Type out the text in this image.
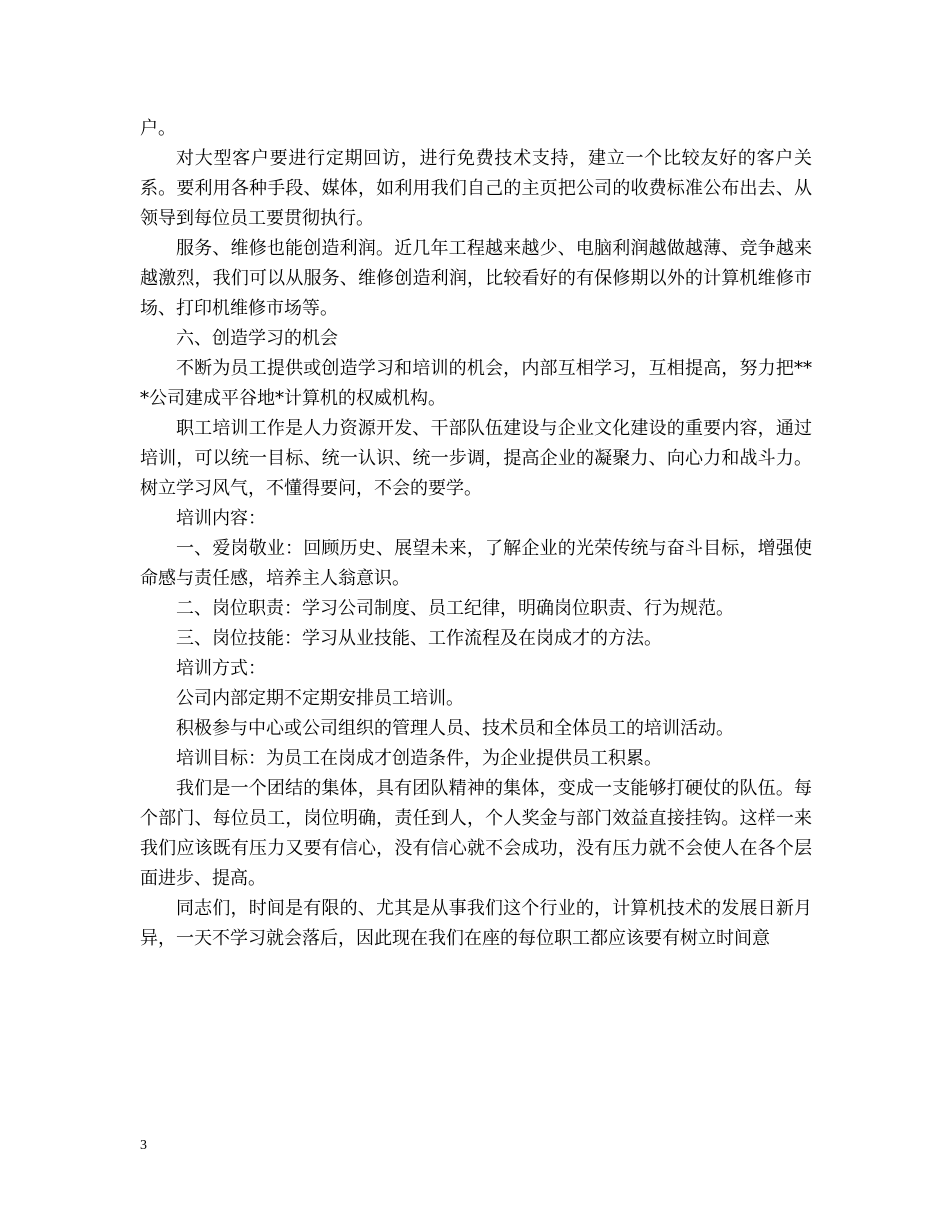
户。

对大型客户要进行定期回访，进行免费技术支持，建立一个比较友好的客户关系。要利用各种手段、媒体，如利用我们自己的主页把公司的收费标准公布出去、从领导到每位员工要贯彻执行。

服务、维修也能创造利润。近几年工程越来越少、电脑利润越做越薄、竞争越来越激烈，我们可以从服务、维修创造利润，比较看好的有保修期以外的计算机维修市场、打印机维修市场等。

六、创造学习的机会

不断为员工提供或创造学习和培训的机会，内部互相学习，互相提高，努力把***公司建成平谷地*计算机的权威机构。

职工培训工作是人力资源开发、干部队伍建设与企业文化建设的重要内容，通过培训，可以统一目标、统一认识、统一步调，提高企业的凝聚力、向心力和战斗力。树立学习风气，不懂得要问，不会的要学。

培训内容：

一、爱岗敬业：回顾历史、展望未来，了解企业的光荣传统与奋斗目标，增强使命感与责任感，培养主人翁意识。

二、岗位职责：学习公司制度、员工纪律，明确岗位职责、行为规范。

三、岗位技能：学习从业技能、工作流程及在岗成才的方法。

培训方式：

公司内部定期不定期安排员工培训。

积极参与中心或公司组织的管理人员、技术员和全体员工的培训活动。

培训目标：为员工在岗成才创造条件，为企业提供员工积累。

我们是一个团结的集体，具有团队精神的集体，变成一支能够打硬仗的队伍。每个部门、每位员工，岗位明确，责任到人，个人奖金与部门效益直接挂钩。这样一来我们应该既有压力又要有信心，没有信心就不会成功，没有压力就不会使人在各个层面进步、提高。

同志们，时间是有限的、尤其是从事我们这个行业的，计算机技术的发展日新月异，一天不学习就会落后，因此现在我们在座的每位职工都应该要有树立时间意

3
